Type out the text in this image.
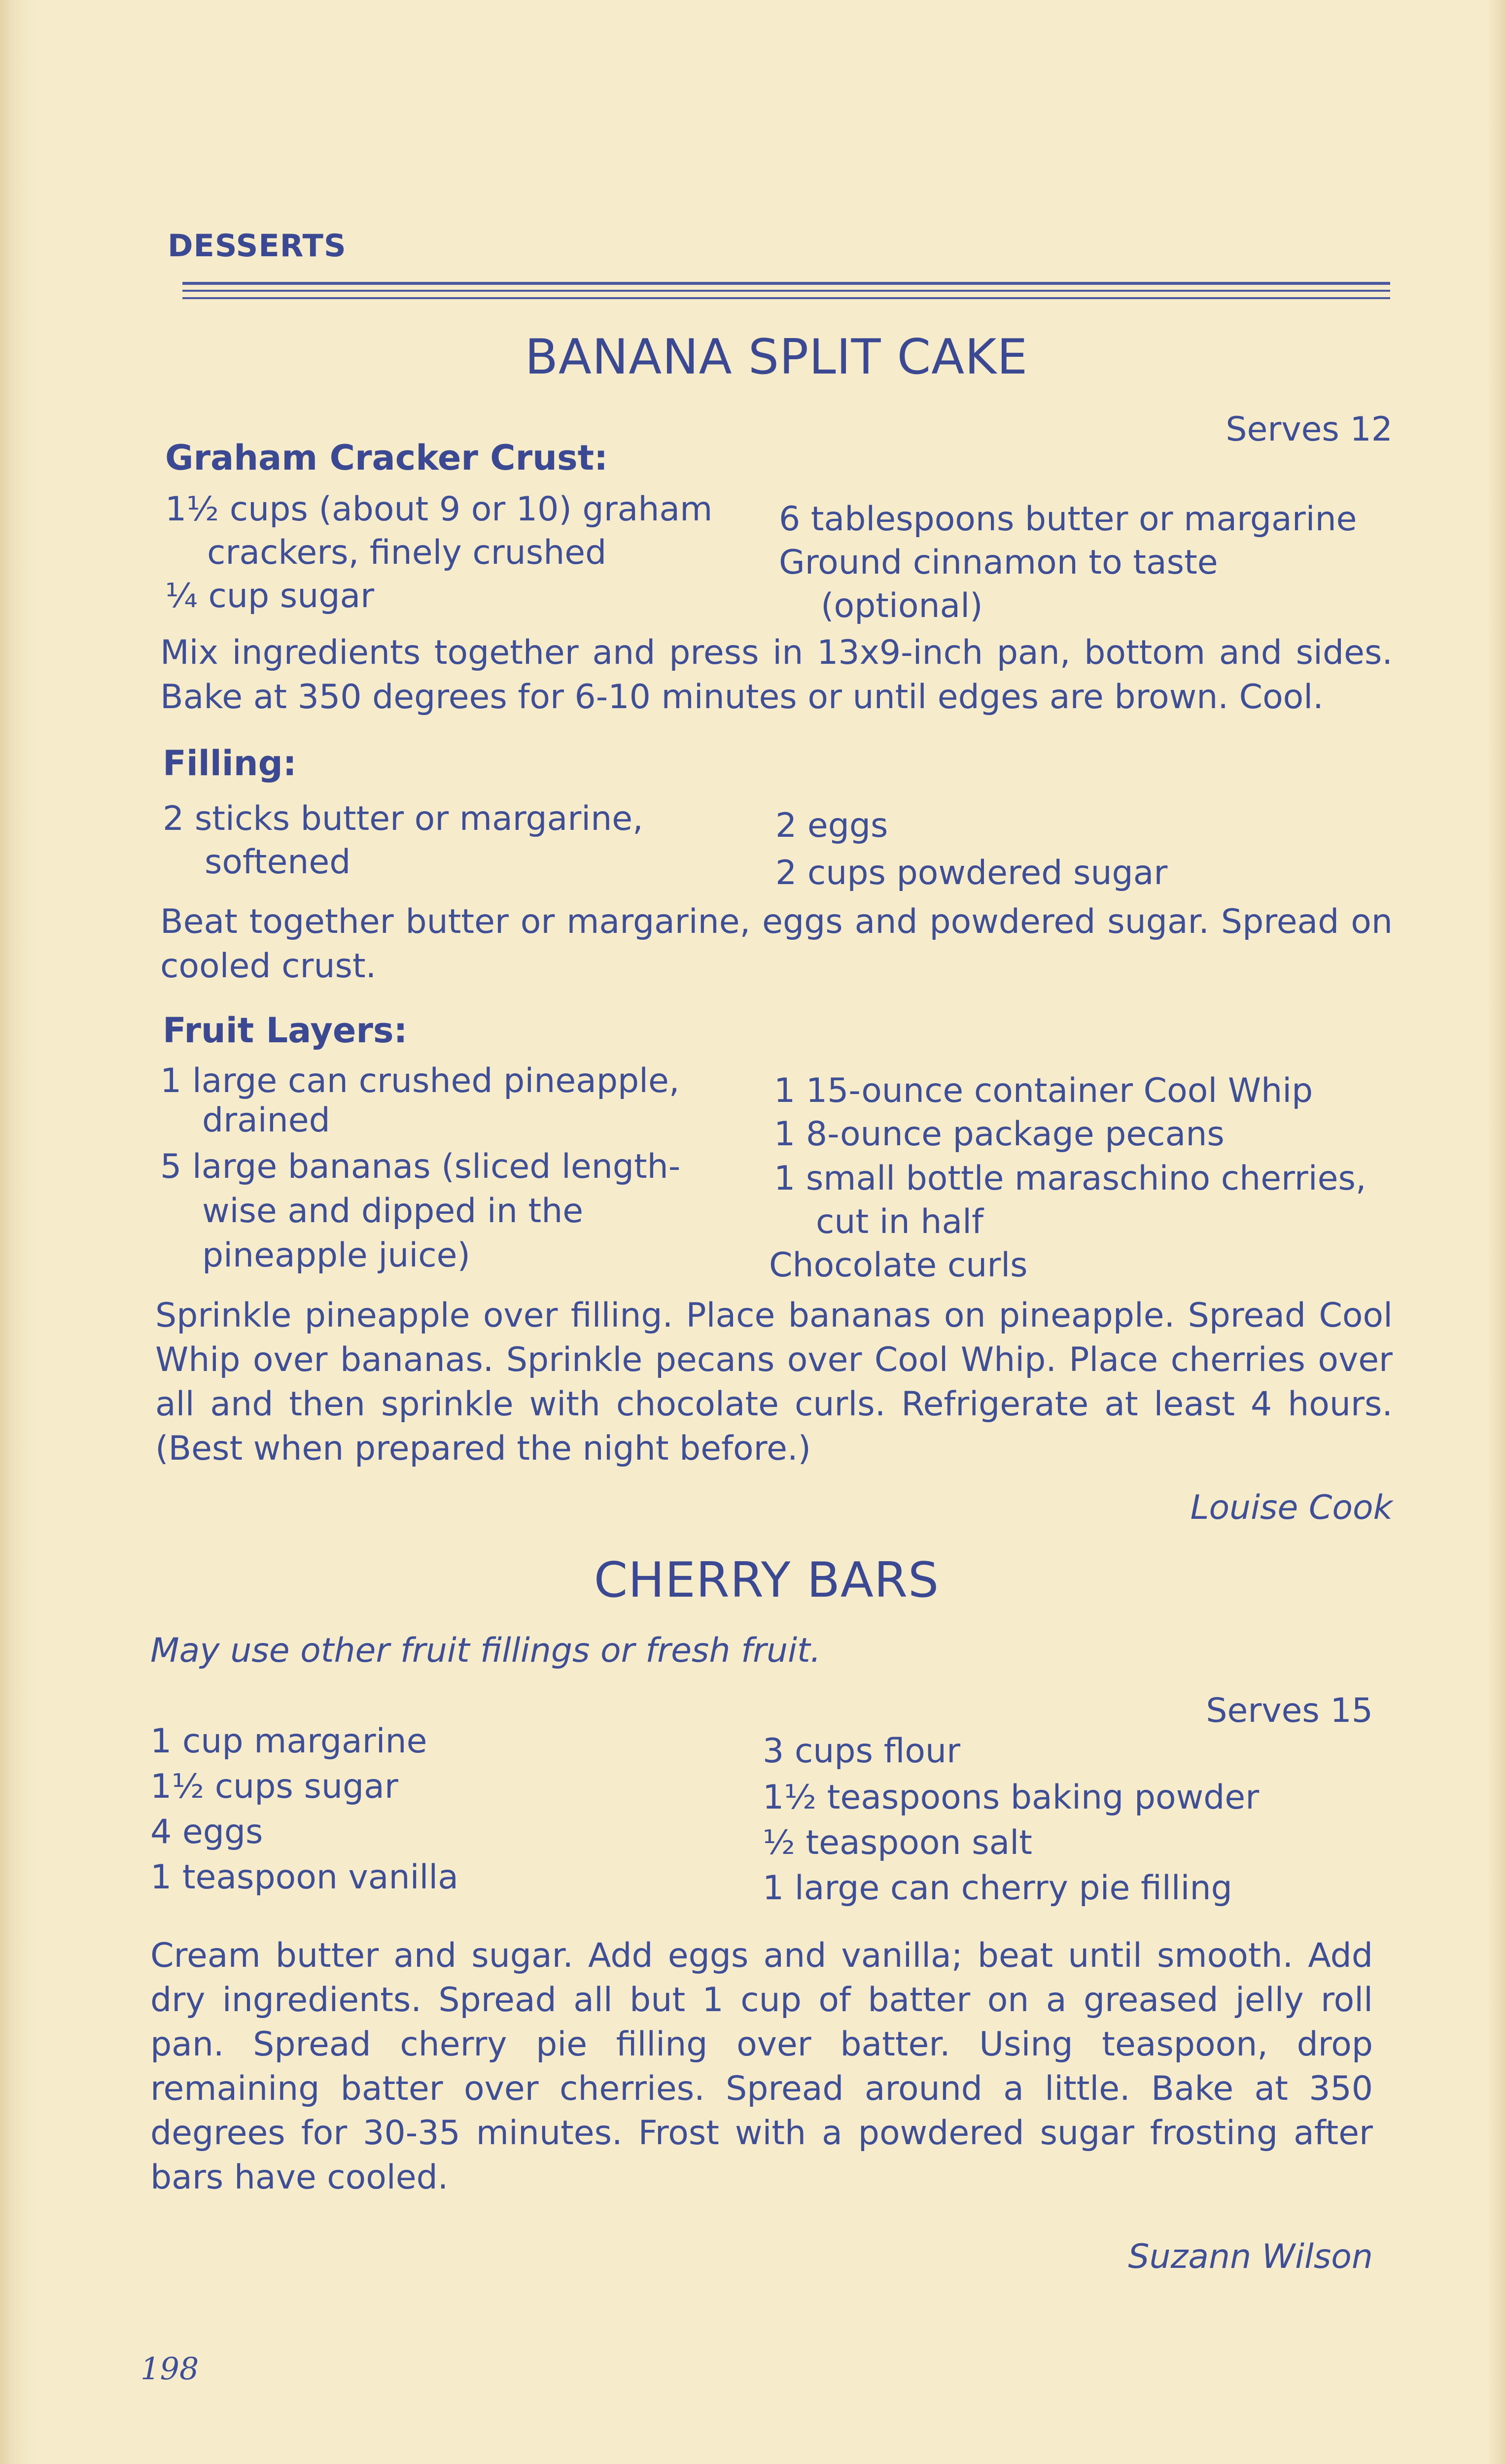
DESSERTS
BANANA SPLIT CAKE
Serves 12
Graham Cracker Crust:
1½ cups (about 9 or 10) graham
crackers, finely crushed
¼ cup sugar
6 tablespoons butter or margarine
Ground cinnamon to taste
(optional)
Mix ingredients together and press in 13x9-inch pan, bottom and sides. Bake at 350 degrees for 6-10 minutes or until edges are brown. Cool.
Filling:
2 sticks butter or margarine,
softened
2 eggs
2 cups powdered sugar
Beat together butter or margarine, eggs and powdered sugar. Spread on cooled crust.
Fruit Layers:
1 large can crushed pineapple,
drained
5 large bananas (sliced length-
wise and dipped in the
pineapple juice)
1 15-ounce container Cool Whip
1 8-ounce package pecans
1 small bottle maraschino cherries,
cut in half
Chocolate curls
Sprinkle pineapple over filling. Place bananas on pineapple. Spread Cool Whip over bananas. Sprinkle pecans over Cool Whip. Place cherries over all and then sprinkle with chocolate curls. Refrigerate at least 4 hours. (Best when prepared the night before.)
Louise Cook
CHERRY BARS
May use other fruit fillings or fresh fruit.
Serves 15
1 cup margarine
1½ cups sugar
4 eggs
1 teaspoon vanilla
3 cups flour
1½ teaspoons baking powder
½ teaspoon salt
1 large can cherry pie filling
Cream butter and sugar. Add eggs and vanilla; beat until smooth. Add dry ingredients. Spread all but 1 cup of batter on a greased jelly roll pan. Spread cherry pie filling over batter. Using teaspoon, drop remaining batter over cherries. Spread around a little. Bake at 350 degrees for 30-35 minutes. Frost with a powdered sugar frosting after bars have cooled.
Suzann Wilson
198
